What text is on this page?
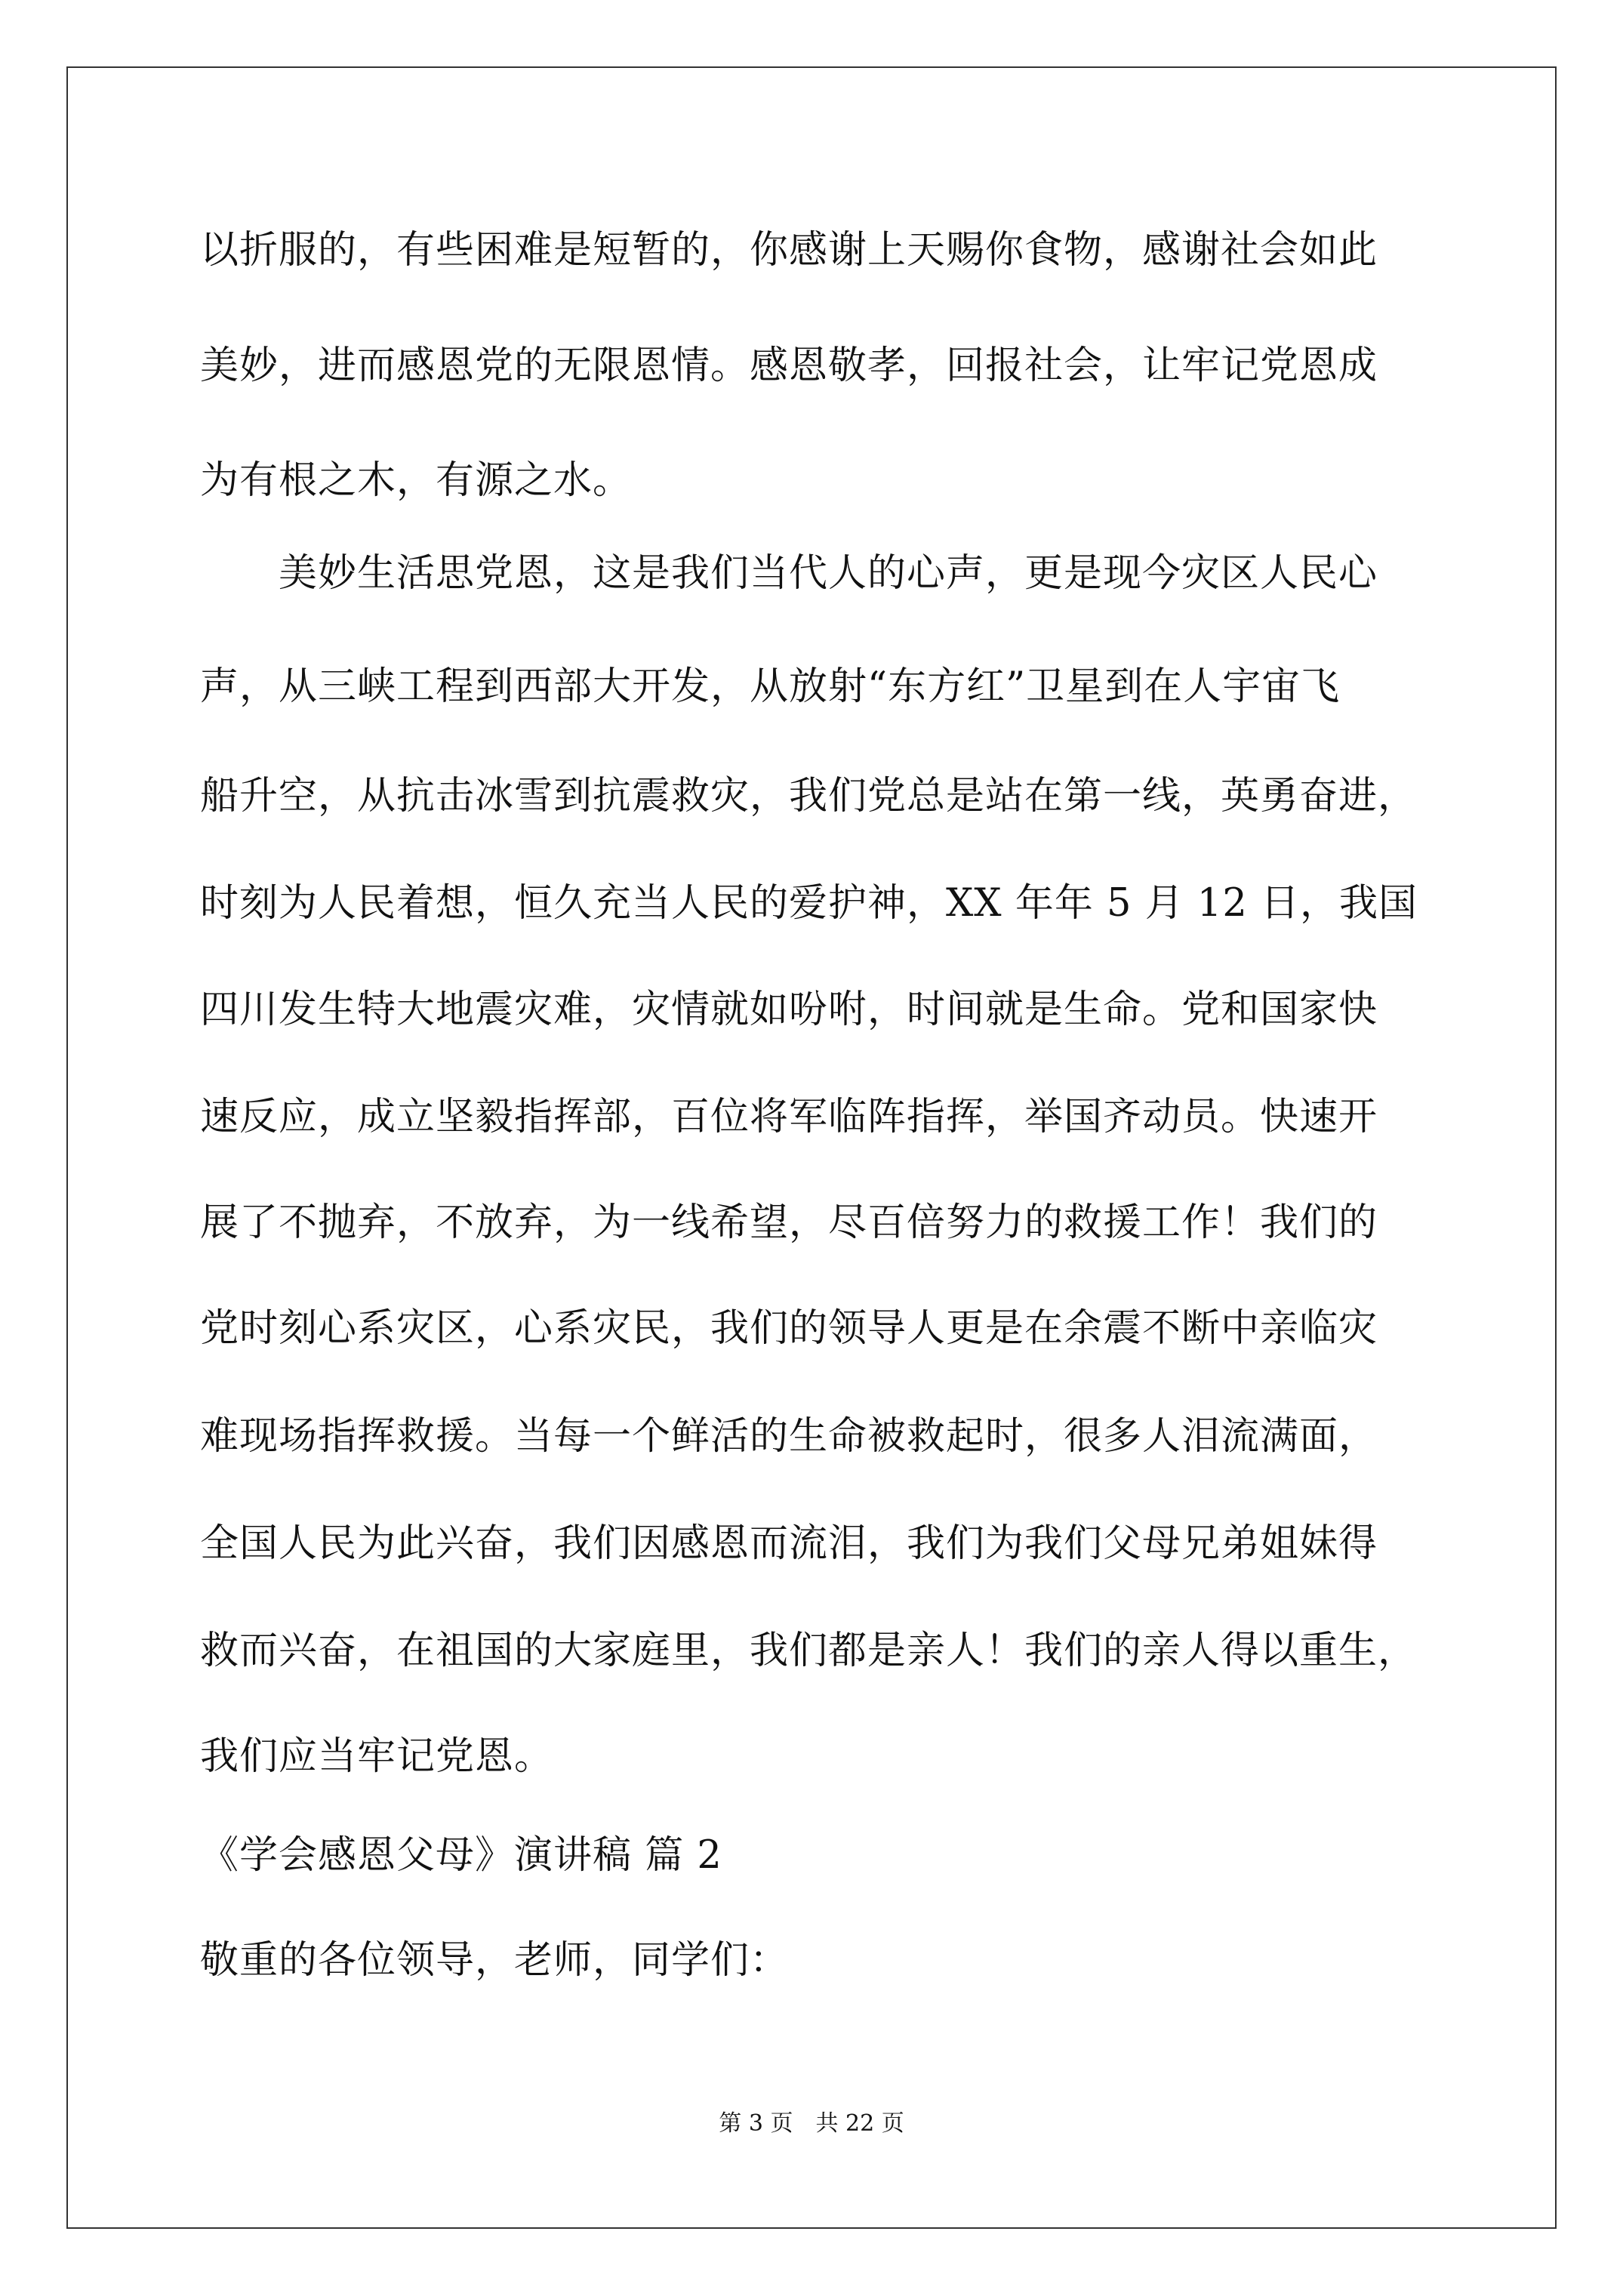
以折服的，有些困难是短暂的，你感谢上天赐你食物，感谢社会如此
美妙，进而感恩党的无限恩情。感恩敬孝，回报社会，让牢记党恩成
为有根之木，有源之水。
　　美妙生活思党恩，这是我们当代人的心声，更是现今灾区人民心
声，从三峡工程到西部大开发，从放射“东方红”卫星到在人宇宙飞
船升空，从抗击冰雪到抗震救灾，我们党总是站在第一线，英勇奋进，
时刻为人民着想，恒久充当人民的爱护神，XX 年年 5 月 12 日，我国
四川发生特大地震灾难，灾情就如吩咐，时间就是生命。党和国家快
速反应，成立坚毅指挥部，百位将军临阵指挥，举国齐动员。快速开
展了不抛弃，不放弃，为一线希望，尽百倍努力的救援工作！我们的
党时刻心系灾区，心系灾民，我们的领导人更是在余震不断中亲临灾
难现场指挥救援。当每一个鲜活的生命被救起时，很多人泪流满面，
全国人民为此兴奋，我们因感恩而流泪，我们为我们父母兄弟姐妹得
救而兴奋，在祖国的大家庭里，我们都是亲人！我们的亲人得以重生，
我们应当牢记党恩。
《学会感恩父母》演讲稿 篇 2
敬重的各位领导，老师，同学们：
第 3 页　共 22 页
